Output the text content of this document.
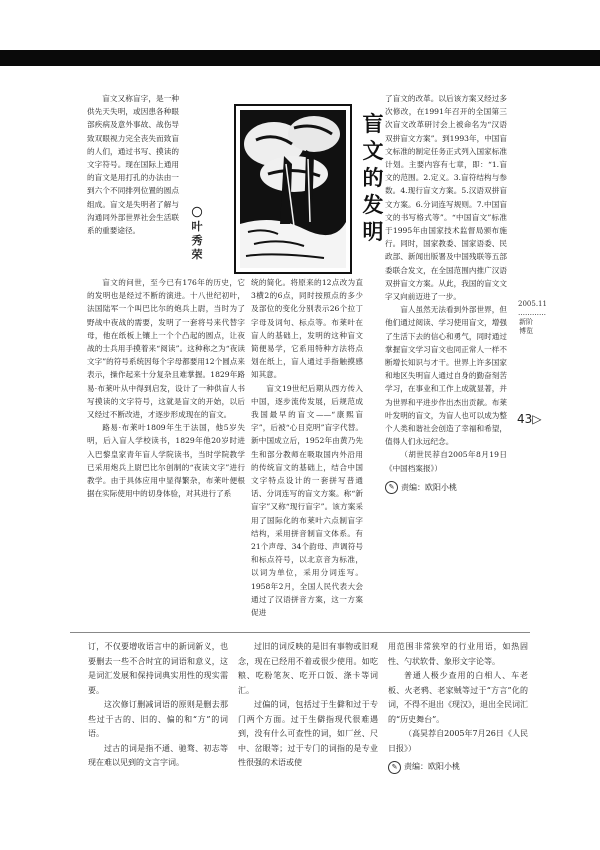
盲文又称盲字，是一种供先天失明，或因患各种眼部疾病及意外事故、战伤导致双眼视力完全丧失而致盲的人们，通过书写、摸读的文字符号。现在国际上通用的盲文是用打孔的办法由一到六个不同排列位置的圆点组成。盲文是失明者了解与沟通同外部世界社会生活联系的重要途径。

盲文的问世，至今已有176年的历史，它的发明也是经过不断的演进。十八世纪初叶，法国陆军一个叫巴比尔的炮兵上尉，当时为了野战中夜战的需要，发明了一套将号来代替字母，他在纸板上镶上一个个凸起的圆点，让夜战的士兵用手摸着来“阅读”。这种称之为“夜读文字”的符号系统因每个字母都要用12个圆点来表示，操作起来十分复杂且难掌握。1829年路易·布莱叶从中得到启发，设计了一种供盲人书写摸读的文字符号，这就是盲文的开始，以后又经过不断改进，才逐步形成现在的盲文。

路易·布莱叶1809年生于法国，他5岁失明，后入盲人学校读书，1829年他20岁时进入巴黎皇家青年盲人学院读书，当时学院教学已采用炮兵上尉巴比尔创制的“夜读文字”进行教学。由于具体应用中显得繁杂，布莱叶便根据在实际使用中的切身体验，对其进行了系

〇叶秀荣
盲
文
的
发
明

统的简化。将原来的12点改为直3横2的6点，同时按照点的多少及部位的变化分别表示26个拉丁字母及词句、标点等。布莱叶在盲人的基础上，发明的这种盲文简便易学，它系用特种方法将点划在纸上，盲人通过手指触摸感知其意。

盲文19世纪后期从西方传入中国，逐步流传发展，后规范成我国最早的盲文——“康熙盲字”，后被“心目克明”盲字代替。新中国成立后，1952年由黄乃先生和部分教师在吸取国内外沿用的传统盲文的基础上，结合中国文字特点设计的一套拼写普通话、分词连写的盲文方案。称“新盲字”又称“现行盲字”。该方案采用了国际化的布莱叶六点制盲字结构，采用拼音制盲文体系。有21个声母、34个韵母、声调符号和标点符号，以北京音为标准，以词为单位，采用分词连写。1958年2月，全国人民代表大会通过了汉语拼音方案，这一方案促进

了盲文的改革。以后该方案又经过多次修改，在1991年召开的全国第三次盲文改革研讨会上被命名为“汉语双拼盲文方案”。到1993年，中国盲文标准的制定任务正式列入国家标准计划。主要内容有七章，即：“1.盲文的范围。2.定义。3.盲符结构与参数。4.现行盲文方案。5.汉语双拼盲文方案。6.分词连写规则。7.中国盲文的书写格式等”。“中国盲文”标准于1995年由国家技术监督局颁布施行。同时，国家教委、国家语委、民政部、新闻出版署及中国残联等五部委联合发文，在全国范围内推广汉语双拼盲文方案。从此，我国的盲文文字又向前迈进了一步。

盲人虽然无法看到外部世界，但他们通过阅读、学习使用盲文，增强了生活下去的信心和勇气，同时通过掌握盲文学习盲文也同正常人一样不断增长知识与才干。世界上许多国家和地区失明盲人通过自身的勤奋刻苦学习，在事业和工作上成就显著，并为世界和平进步作出杰出贡献。布莱叶发明的盲文，为盲人也可以成为整个人类和谐社会创造了幸福和希望，值得人们永远纪念。

（胡世民荐自2005年8月19日《中国档案报》）

✎ 责编：欧阳小桃
2005.11 ………… 新阶博览
43▷

订，不仅要增收语言中的新词新义，也要删去一些不合时宜的词语和意义，这是词汇发展和保持词典实用性的现实需要。

这次修订删减词语的原则是删去那些过于古的、旧的、偏的和“方”的词语。

过古的词是指不通、驰骛、初志等现在难以见到的文言字词。

过旧的词反映的是旧有事物或旧观念，现在已经用不着或很少使用。如吃粮、吃粉笔灰、吃开口饭、涤卡等词汇。

过偏的词，包括过于生僻和过于专门两个方面。过于生僻指现代很难遇到，没有什么可查性的词，如厂丝、尺中、岔眼等；过于专门的词指的是专业性很强的术语或使

用范围非常狭窄的行业用语，如热固性、勺状软骨、象形文字论等。

普通人极少查用的白相人、车老板、火老鸦、老家贼等过于“方言”化的词，不得不退出《现汉》，退出全民词汇的“历史舞台”。

（高昊荐自2005年7月26日《人民日报》）

✎ 责编：欧阳小桃
